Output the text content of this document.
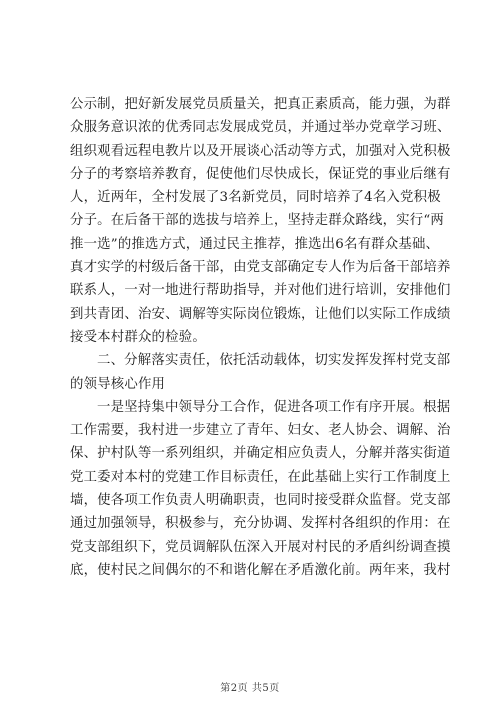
公示制，把好新发展党员质量关，把真正素质高，能力强，为群
众服务意识浓的优秀同志发展成党员，并通过举办党章学习班、
组织观看远程电教片以及开展谈心活动等方式，加强对入党积极
分子的考察培养教育，促使他们尽快成长，保证党的事业后继有
人，近两年，全村发展了3名新党员，同时培养了4名入党积极
分子。在后备干部的选拔与培养上，坚持走群众路线，实行“两
推一选”的推选方式，通过民主推荐，推选出6名有群众基础、
真才实学的村级后备干部，由党支部确定专人作为后备干部培养
联系人，一对一地进行帮助指导，并对他们进行培训，安排他们
到共青团、治安、调解等实际岗位锻炼，让他们以实际工作成绩
接受本村群众的检验。
二、分解落实责任，依托活动载体，切实发挥发挥村党支部
的领导核心作用
一是坚持集中领导分工合作，促进各项工作有序开展。根据
工作需要，我村进一步建立了青年、妇女、老人协会、调解、治
保、护村队等一系列组织，并确定相应负责人，分解并落实街道
党工委对本村的党建工作目标责任，在此基础上实行工作制度上
墙，使各项工作负责人明确职责，也同时接受群众监督。党支部
通过加强领导，积极参与，充分协调、发挥村各组织的作用：在
党支部组织下，党员调解队伍深入开展对村民的矛盾纠纷调查摸
底，使村民之间偶尔的不和谐化解在矛盾激化前。两年来，我村
第2页 共5页
